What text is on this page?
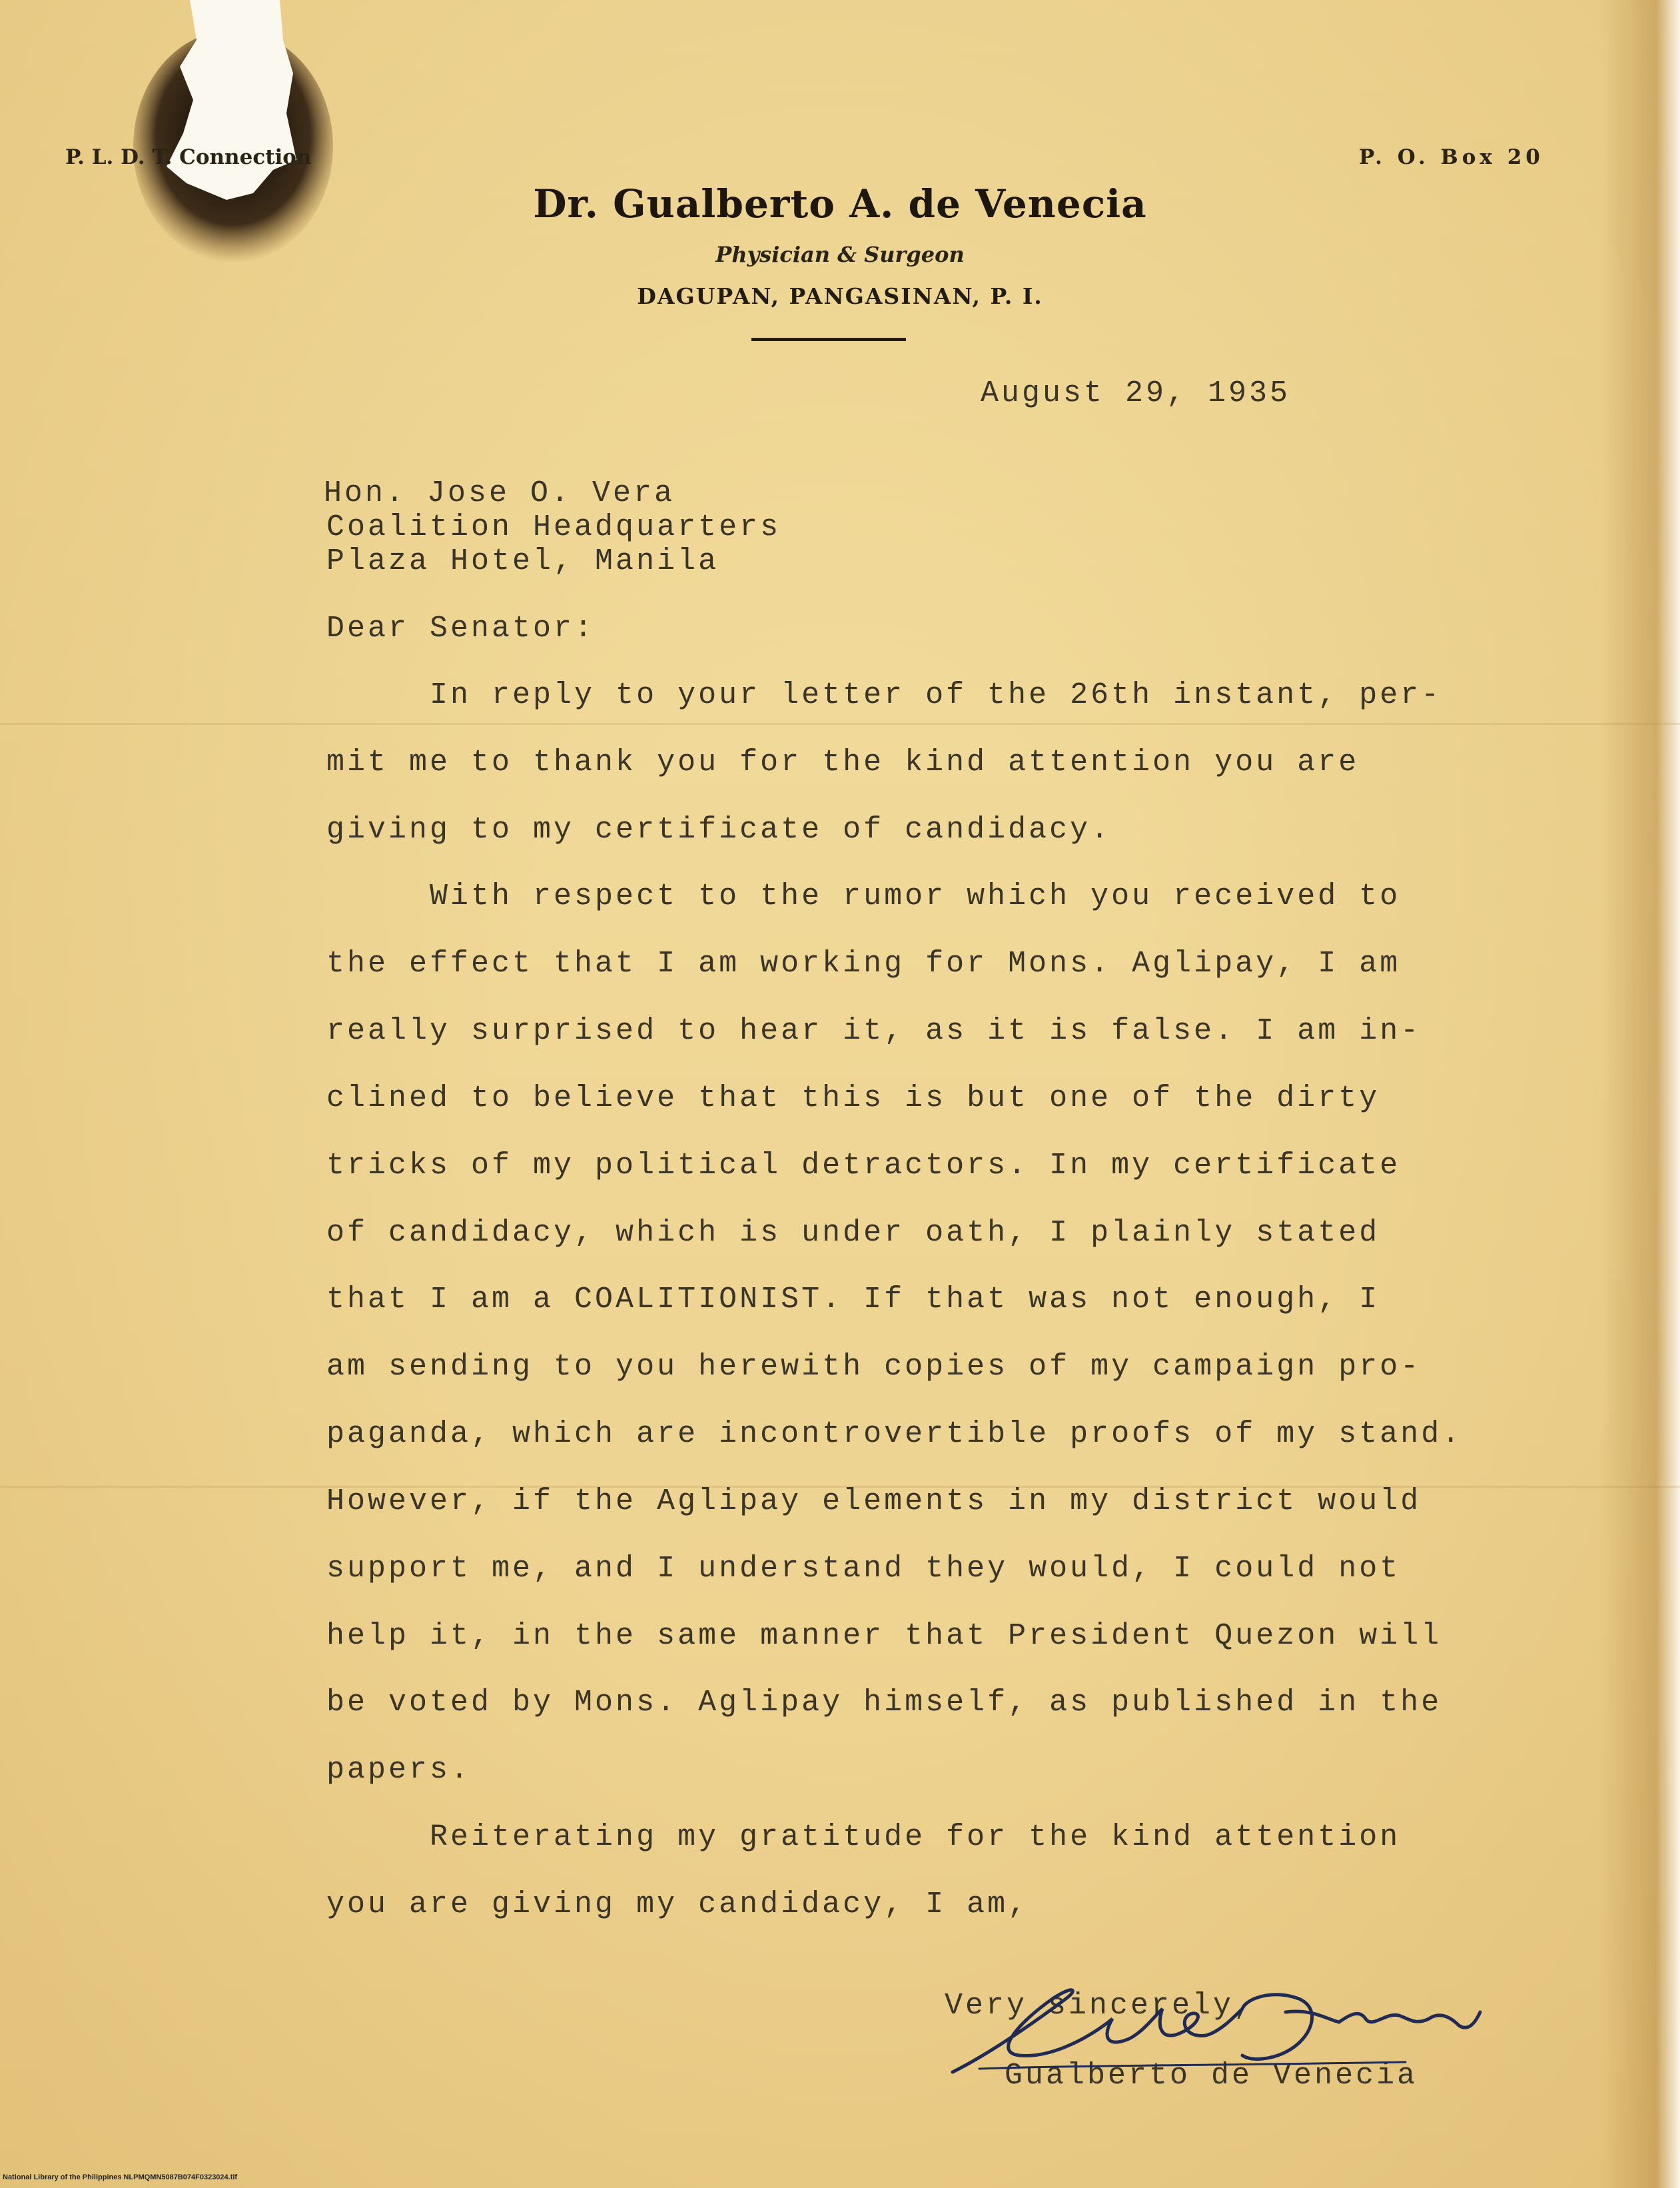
P. L. D. T. Connection	P. O. Box 20
Dr. Gualberto A. de Venecia
Physician & Surgeon
DAGUPAN, PANGASINAN, P. I.
August 29, 1935
Hon. Jose O. Vera
Coalition Headquarters
Plaza Hotel, Manila
Dear Senator:
In reply to your letter of the 26th instant, per-
mit me to thank you for the kind attention you are
giving to my certificate of candidacy.
With respect to the rumor which you received to
the effect that I am working for Mons. Aglipay, I am
really surprised to hear it, as it is false. I am in-
clined to believe that this is but one of the dirty
tricks of my political detractors. In my certificate
of candidacy, which is under oath, I plainly stated
that I am a COALITIONIST. If that was not enough, I
am sending to you herewith copies of my campaign pro-
paganda, which are incontrovertible proofs of my stand.
However, if the Aglipay elements in my district would
support me, and I understand they would, I could not
help it, in the same manner that President Quezon will
be voted by Mons. Aglipay himself, as published in the
papers.
Reiterating my gratitude for the kind attention
you are giving my candidacy, I am,
Very sincerely,
Gualberto de Venecia
National Library of the Philippines NLPMQMN5087B074F0323024.tif
